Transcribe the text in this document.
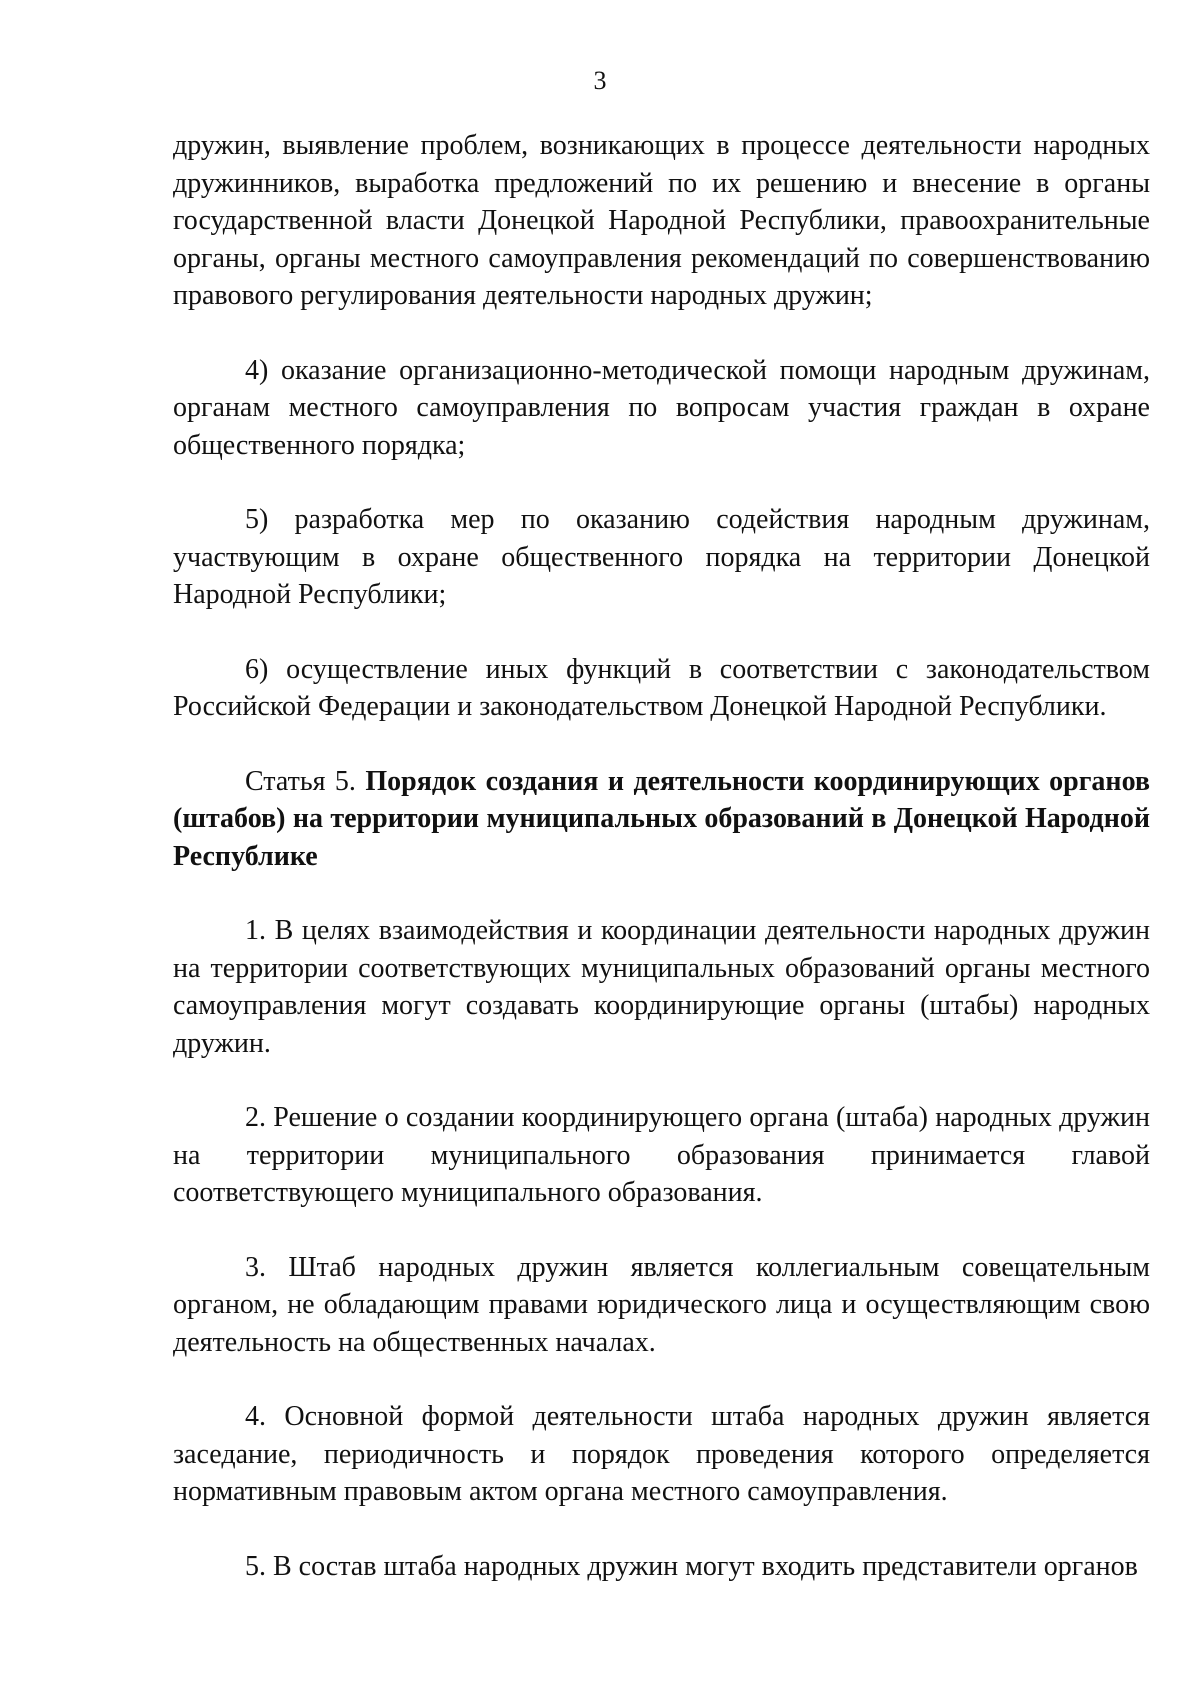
3

дружин, выявление проблем, возникающих в процессе деятельности народных дружинников, выработка предложений по их решению и внесение в органы государственной власти Донецкой Народной Республики, правоохранительные органы, органы местного самоуправления рекомендаций по совершенствованию правового регулирования деятельности народных дружин;

4) оказание организационно-методической помощи народным дружинам, органам местного самоуправления по вопросам участия граждан в охране общественного порядка;

5) разработка мер по оказанию содействия народным дружинам, участвующим в охране общественного порядка на территории Донецкой Народной Республики;

6) осуществление иных функций в соответствии с законодательством Российской Федерации и законодательством Донецкой Народной Республики.

Статья 5. Порядок создания и деятельности координирующих органов (штабов) на территории муниципальных образований в Донецкой Народной Республике

1. В целях взаимодействия и координации деятельности народных дружин на территории соответствующих муниципальных образований органы местного самоуправления могут создавать координирующие органы (штабы) народных дружин.

2. Решение о создании координирующего органа (штаба) народных дружин на территории муниципального образования принимается главой соответствующего муниципального образования.

3. Штаб народных дружин является коллегиальным совещательным органом, не обладающим правами юридического лица и осуществляющим свою деятельность на общественных началах.

4. Основной формой деятельности штаба народных дружин является заседание, периодичность и порядок проведения которого определяется нормативным правовым актом органа местного самоуправления.

5. В состав штаба народных дружин могут входить представители органов
